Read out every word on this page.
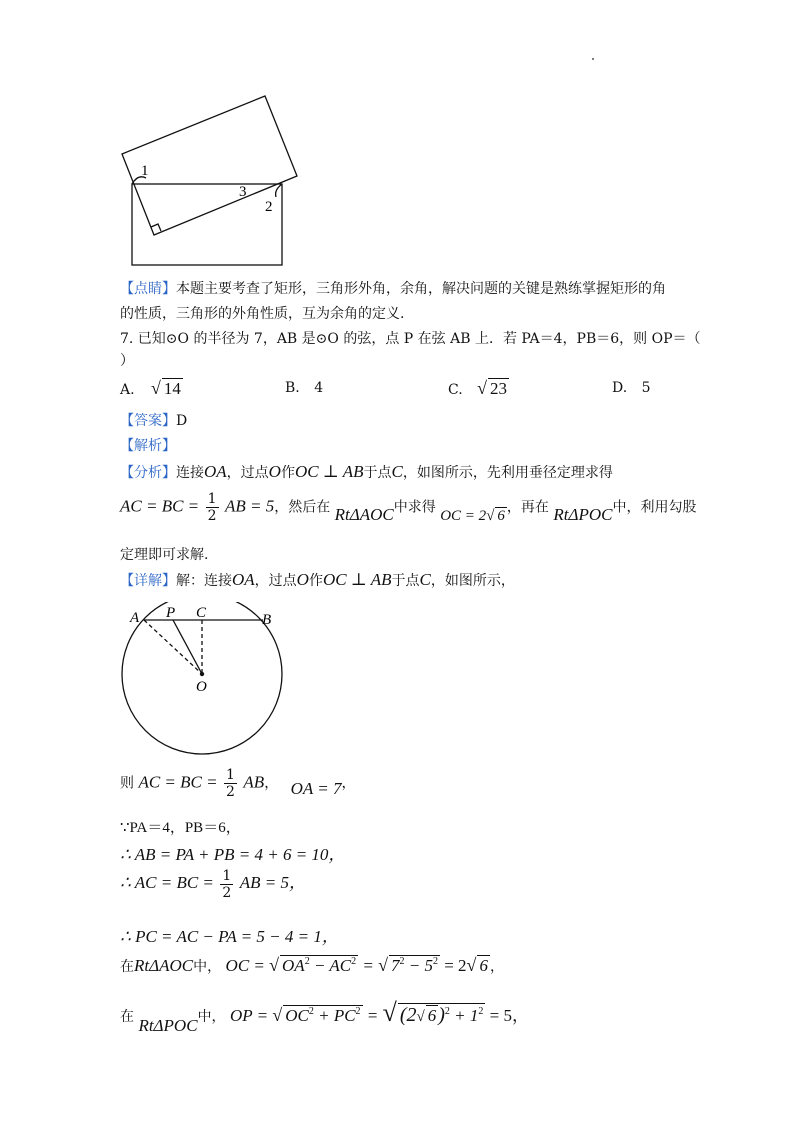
1
2
3
【点睛】本题主要考查了矩形，三角形外角，余角，解决问题的关键是熟练掌握矩形的角
的性质，三角形的外角性质，互为余角的定义.
7. 已知⊙O 的半径为 7，AB 是⊙O 的弦，点 P 在弦 AB 上．若 PA＝4，PB＝6，则 OP＝（
）
A. √ 14	B. 4	C. √ 23	D. 5
【答案】D
【解析】
【分析】连接OA，过点O作OC ⊥ AB于点C，如图所示，先利用垂径定理求得
AC = BC = $\frac{1}{2}$ AB = 5，然后在 RtΔAOC中求得 OC = 2√ 6 ，再在 RtΔPOC中，利用勾股
定理即可求解.
【详解】解：连接OA，过点O作OC ⊥ AB于点C，如图所示，
A P C	B
O
则 AC = BC = $\frac{1}{2}$ AB， OA = 7，
∵PA＝4，PB＝6，
∴ AB = PA + PB = 4 + 6 = 10，
∴ AC = BC = $\frac{1}{2}$ AB = 5，
∴ PC = AC − PA = 5 − 4 = 1，
在RtΔAOC中， OC = √ $OA^2 - AC^2$ = √ $7^2 - 5^2 = 2√$ 6 ，
在 RtΔPOC中， OP = √ $OC^2 + PC^2$ = √ (2√ 6 )$^2 + 1^2 = 5$，
